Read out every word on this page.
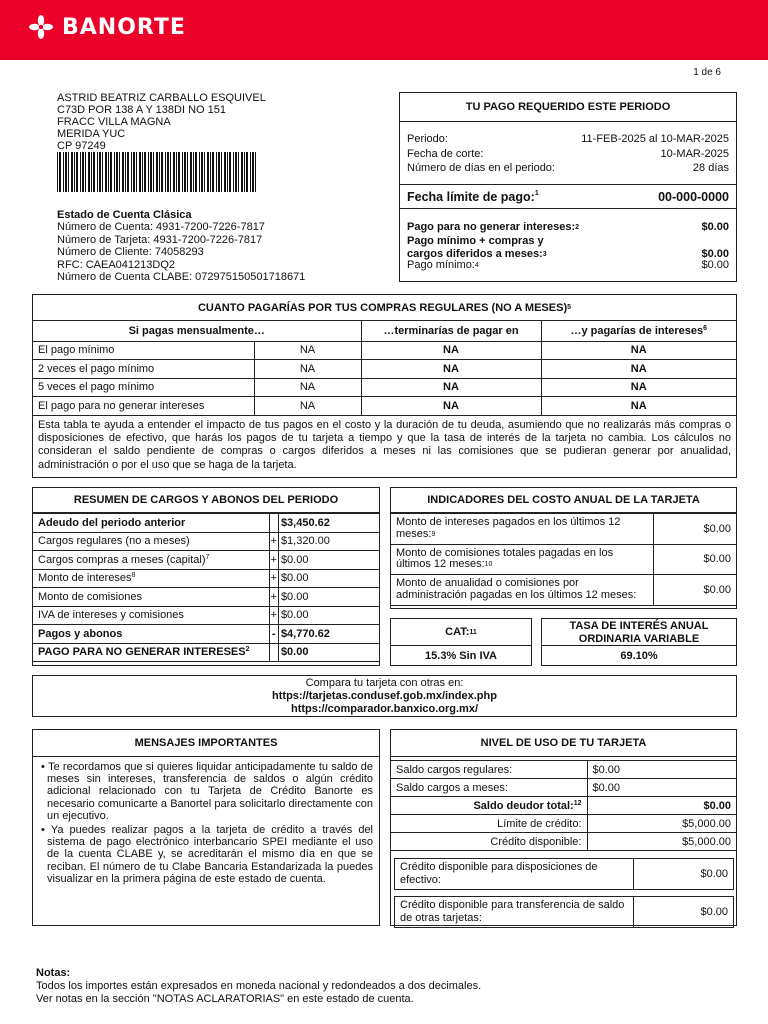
BANORTE
1 de 6
ASTRID BEATRIZ CARBALLO ESQUIVEL
C73D POR 138 A Y 138DI NO 151
FRACC VILLA MAGNA
MERIDA YUC
CP 97249
Estado de Cuenta Clásica
Número de Cuenta: 4931-7200-7226-7817
Número de Tarjeta: 4931-7200-7226-7817
Número de Cliente: 74058293
RFC: CAEA041213DQ2
Número de Cuenta CLABE: 072975150501718671
TU PAGO REQUERIDO ESTE PERIODO
Periodo:	11-FEB-2025 al 10-MAR-2025
Fecha de corte:	10-MAR-2025
Número de días en el periodo:	28 días
Fecha límite de pago:$^1$	00-000-0000
Pago para no generar intereses:$^2$	$0.00
Pago mínimo + compras y
cargos diferidos a meses:$^3$	$0.00
Pago mínimo:$^4$	$0.00
CUANTO PAGARÍAS POR TUS COMPRAS REGULARES (NO A MESES)$^5$
Si pagas mensualmente…		…terminarías de pagar en	…y pagarías de intereses$^6$
El pago mínimo	NA	NA	NA
2 veces el pago mínimo	NA	NA	NA
5 veces el pago mínimo	NA	NA	NA
El pago para no generar intereses	NA	NA	NA
Esta tabla te ayuda a entender el impacto de tus pagos en el costo y la duración de tu deuda, asumiendo que no realizarás más compras o disposiciones de efectivo, que harás los pagos de tu tarjeta a tiempo y que la tasa de interés de la tarjeta no cambia. Los cálculos no consideran el saldo pendiente de compras o cargos diferidos a meses ni las comisiones que se pudieran generar por anualidad, administración o por el uso que se haga de la tarjeta.
RESUMEN DE CARGOS Y ABONOS DEL PERIODO
Adeudo del periodo anterior		$3,450.62
Cargos regulares (no a meses)	+	$1,320.00
Cargos compras a meses (capital)$^7$	+	$0.00
Monto de intereses$^8$	+	$0.00
Monto de comisiones	+	$0.00
IVA de intereses y comisiones	+	$0.00
Pagos y abonos	-	$4,770.62
PAGO PARA NO GENERAR INTERESES$^2$		$0.00
INDICADORES DEL COSTO ANUAL DE LA TARJETA
Monto de intereses pagados en los últimos 12 meses:$^9$	$0.00
Monto de comisiones totales pagadas en los últimos 12 meses:$^{10}$	$0.00
Monto de anualidad o comisiones por administración pagadas en los últimos 12 meses:	$0.00
CAT:$^{11}$
15.3% Sin IVA
TASA DE INTERÉS ANUAL ORDINARIA VARIABLE
69.10%
Compara tu tarjeta con otras en:
https://tarjetas.condusef.gob.mx/index.php
https://comparador.banxico.org.mx/
MENSAJES IMPORTANTES
• Te recordamos que si quieres liquidar anticipadamente tu saldo de meses sin intereses, transferencia de saldos o algún crédito adicional relacionado con tu Tarjeta de Crédito Banorte es necesario comunicarte a Banortel para solicitarlo directamente con un ejecutivo.
• Ya puedes realizar pagos a la tarjeta de crédito a través del sistema de pago electrónico interbancario SPEI mediante el uso de la cuenta CLABE y, se acreditarán el mismo día en que se reciban. El número de tu Clabe Bancaria Estandarizada la puedes visualizar en la primera página de este estado de cuenta.
NIVEL DE USO DE TU TARJETA
Saldo cargos regulares:	$0.00
Saldo cargos a meses:	$0.00
Saldo deudor total:$^{12}$	$0.00
Límite de crédito:	$5,000.00
Crédito disponible:	$5,000.00
Crédito disponible para disposiciones de efectivo:	$0.00
Crédito disponible para transferencia de saldo de otras tarjetas:	$0.00
Notas:
Todos los importes están expresados en moneda nacional y redondeados a dos decimales.
Ver notas en la sección "NOTAS ACLARATORIAS" en este estado de cuenta.
